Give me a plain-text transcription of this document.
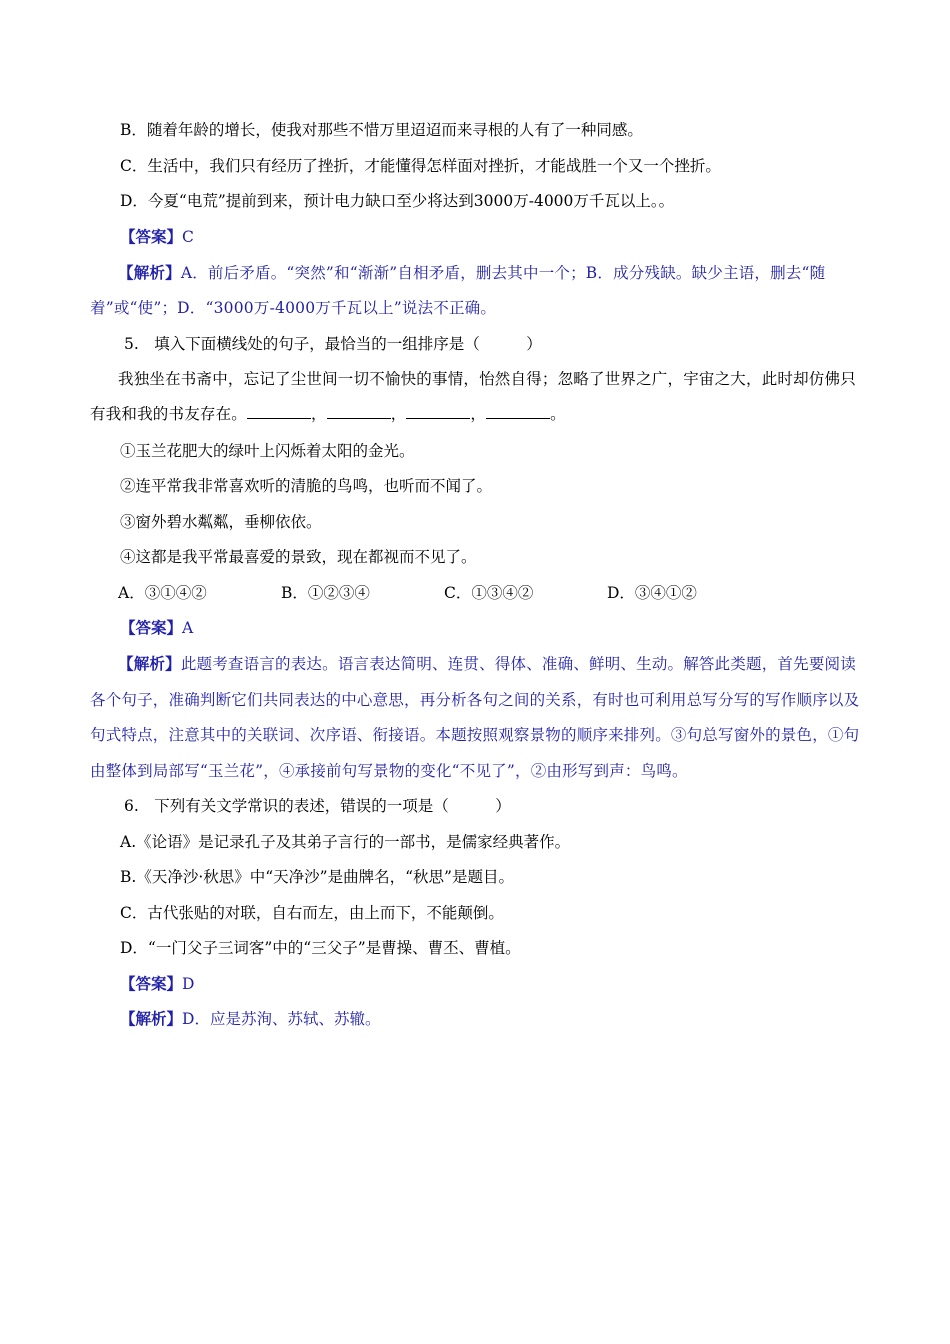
B．随着年龄的增长，使我对那些不惜万里迢迢而来寻根的人有了一种同感。

C．生活中，我们只有经历了挫折，才能懂得怎样面对挫折，才能战胜一个又一个挫折。

D．今夏“电荒”提前到来，预计电力缺口至少将达到3000万-4000万千瓦以上。。

【答案】C

【解析】A．前后矛盾。“突然”和“渐渐”自相矛盾，删去其中一个；B．成分残缺。缺少主语，删去“随着”或“使”；D．“3000万-4000万千瓦以上”说法不正确。

5.　填入下面横线处的句子，最恰当的一组排序是（　　　）

我独坐在书斋中，忘记了尘世间一切不愉快的事情，怡然自得；忽略了世界之广，宇宙之大，此时却仿佛只有我和我的书友存在。	，	，	，	。

①玉兰花肥大的绿叶上闪烁着太阳的金光。

②连平常我非常喜欢听的清脆的鸟鸣，也听而不闻了。

③窗外碧水粼粼，垂柳依依。

④这都是我平常最喜爱的景致，现在都视而不见了。

A．③①④②	B．①②③④	C．①③④②	D．③④①②

【答案】A

【解析】此题考查语言的表达。语言表达简明、连贯、得体、准确、鲜明、生动。解答此类题，首先要阅读各个句子，准确判断它们共同表达的中心意思，再分析各句之间的关系，有时也可利用总写分写的写作顺序以及句式特点，注意其中的关联词、次序语、衔接语。本题按照观察景物的顺序来排列。③句总写窗外的景色，①句由整体到局部写“玉兰花”，④承接前句写景物的变化“不见了”，②由形写到声：鸟鸣。

6.　下列有关文学常识的表述，错误的一项是（　　　）

A.《论语》是记录孔子及其弟子言行的一部书，是儒家经典著作。

B.《天净沙·秋思》中“天净沙”是曲牌名，“秋思”是题目。

C．古代张贴的对联，自右而左，由上而下，不能颠倒。

D．“一门父子三词客”中的“三父子”是曹操、曹丕、曹植。

【答案】D

【解析】D．应是苏洵、苏轼、苏辙。
